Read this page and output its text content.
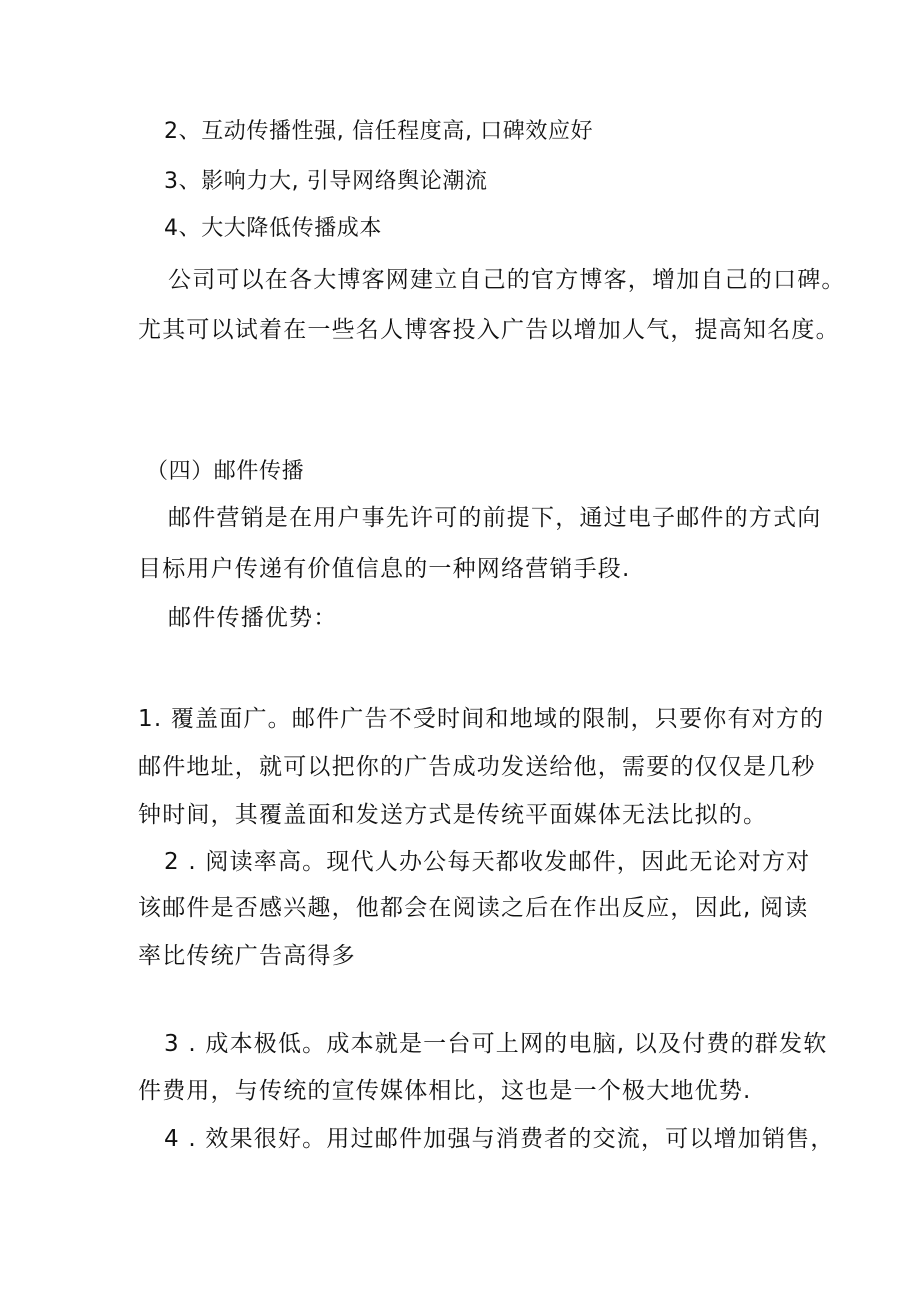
2、互动传播性强, 信任程度高, 口碑效应好
3、影响力大, 引导网络舆论潮流
4、大大降低传播成本
公司可以在各大博客网建立自己的官方博客，增加自己的口碑。
尤其可以试着在一些名人博客投入广告以增加人气，提高知名度。
（四）邮件传播
邮件营销是在用户事先许可的前提下，通过电子邮件的方式向
目标用户传递有价值信息的一种网络营销手段.
邮件传播优势：
1. 覆盖面广。邮件广告不受时间和地域的限制，只要你有对方的
邮件地址，就可以把你的广告成功发送给他，需要的仅仅是几秒
钟时间，其覆盖面和发送方式是传统平面媒体无法比拟的。
2 . 阅读率高。现代人办公每天都收发邮件，因此无论对方对
该邮件是否感兴趣，他都会在阅读之后在作出反应，因此, 阅读
率比传统广告高得多
3 . 成本极低。成本就是一台可上网的电脑, 以及付费的群发软
件费用，与传统的宣传媒体相比，这也是一个极大地优势.
4 . 效果很好。用过邮件加强与消费者的交流，可以增加销售，
